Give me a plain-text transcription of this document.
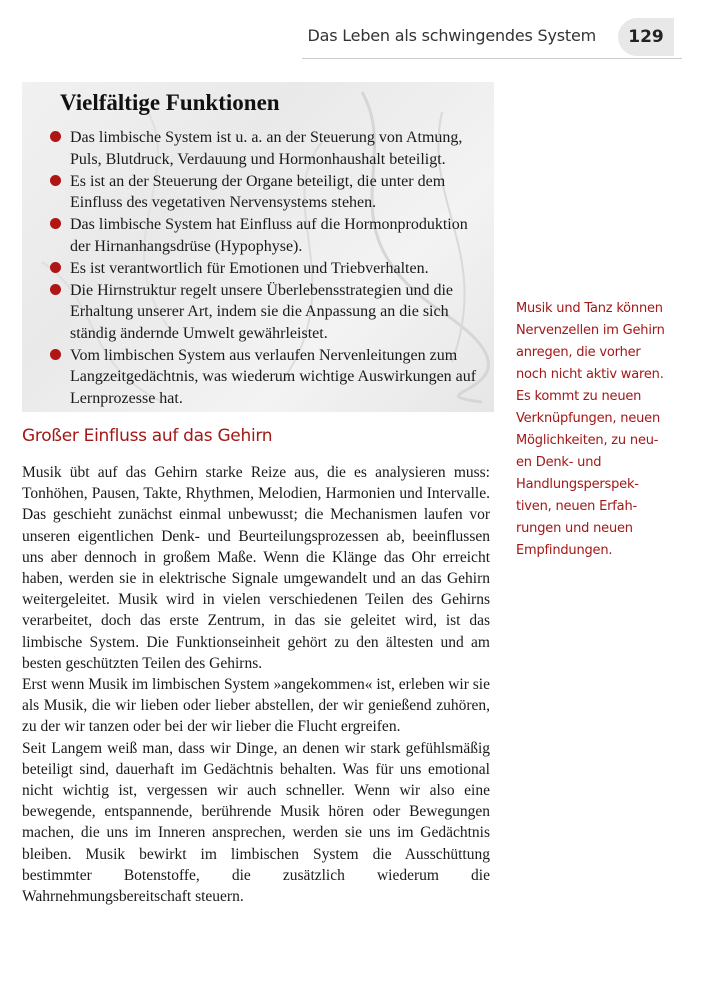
Das Leben als schwingendes System	129
Vielfältige Funktionen
Das limbische System ist u. a. an der Steuerung von Atmung, Puls, Blutdruck, Verdauung und Hormonhaushalt beteiligt.
Es ist an der Steuerung der Organe beteiligt, die unter dem Einfluss des vegetativen Nervensystems stehen.
Das limbische System hat Einfluss auf die Hormonproduktion der Hirnanhangsdrüse (Hypophyse).
Es ist verantwortlich für Emotionen und Triebverhalten.
Die Hirnstruktur regelt unsere Überlebensstrategien und die Erhaltung unserer Art, indem sie die Anpassung an die sich ständig ändernde Umwelt gewährleistet.
Vom limbischen System aus verlaufen Nervenleitungen zum Langzeitgedächtnis, was wiederum wichtige Auswirkungen auf Lernprozesse hat.
Großer Einfluss auf das Gehirn

Musik übt auf das Gehirn starke Reize aus, die es analysieren muss: Tonhöhen, Pausen, Takte, Rhythmen, Melodien, Harmonien und Intervalle. Das geschieht zunächst einmal unbewusst; die Mechanismen laufen vor unseren eigentlichen Denk- und Beurteilungsprozessen ab, beeinflussen uns aber dennoch in großem Maße. Wenn die Klänge das Ohr erreicht haben, werden sie in elektrische Signale umgewandelt und an das Gehirn weitergeleitet. Musik wird in vielen verschiedenen Teilen des Gehirns verarbeitet, doch das erste Zentrum, in das sie geleitet wird, ist das limbische System. Die Funktionseinheit gehört zu den ältesten und am besten geschützten Teilen des Gehirns.

Erst wenn Musik im limbischen System »angekommen« ist, erleben wir sie als Musik, die wir lieben oder lieber abstellen, der wir genießend zuhören, zu der wir tanzen oder bei der wir lieber die Flucht ergreifen.

Seit Langem weiß man, dass wir Dinge, an denen wir stark gefühlsmäßig beteiligt sind, dauerhaft im Gedächtnis behalten. Was für uns emotional nicht wichtig ist, vergessen wir auch schneller. Wenn wir also eine bewegende, entspannende, berührende Musik hören oder Bewegungen machen, die uns im Inneren ansprechen, werden sie uns im Gedächtnis bleiben. Musik bewirkt im limbischen System die Ausschüttung bestimmter Botenstoffe, die zusätzlich wiederum die Wahrnehmungsbereitschaft steuern.

Musik und Tanz können
Nervenzellen im Gehirn
anregen, die vorher
noch nicht aktiv waren.
Es kommt zu neuen
Verknüpfungen, neuen
Möglichkeiten, zu neu-
en Denk- und
Handlungsperspek-
tiven, neuen Erfah-
rungen und neuen
Empfindungen.
